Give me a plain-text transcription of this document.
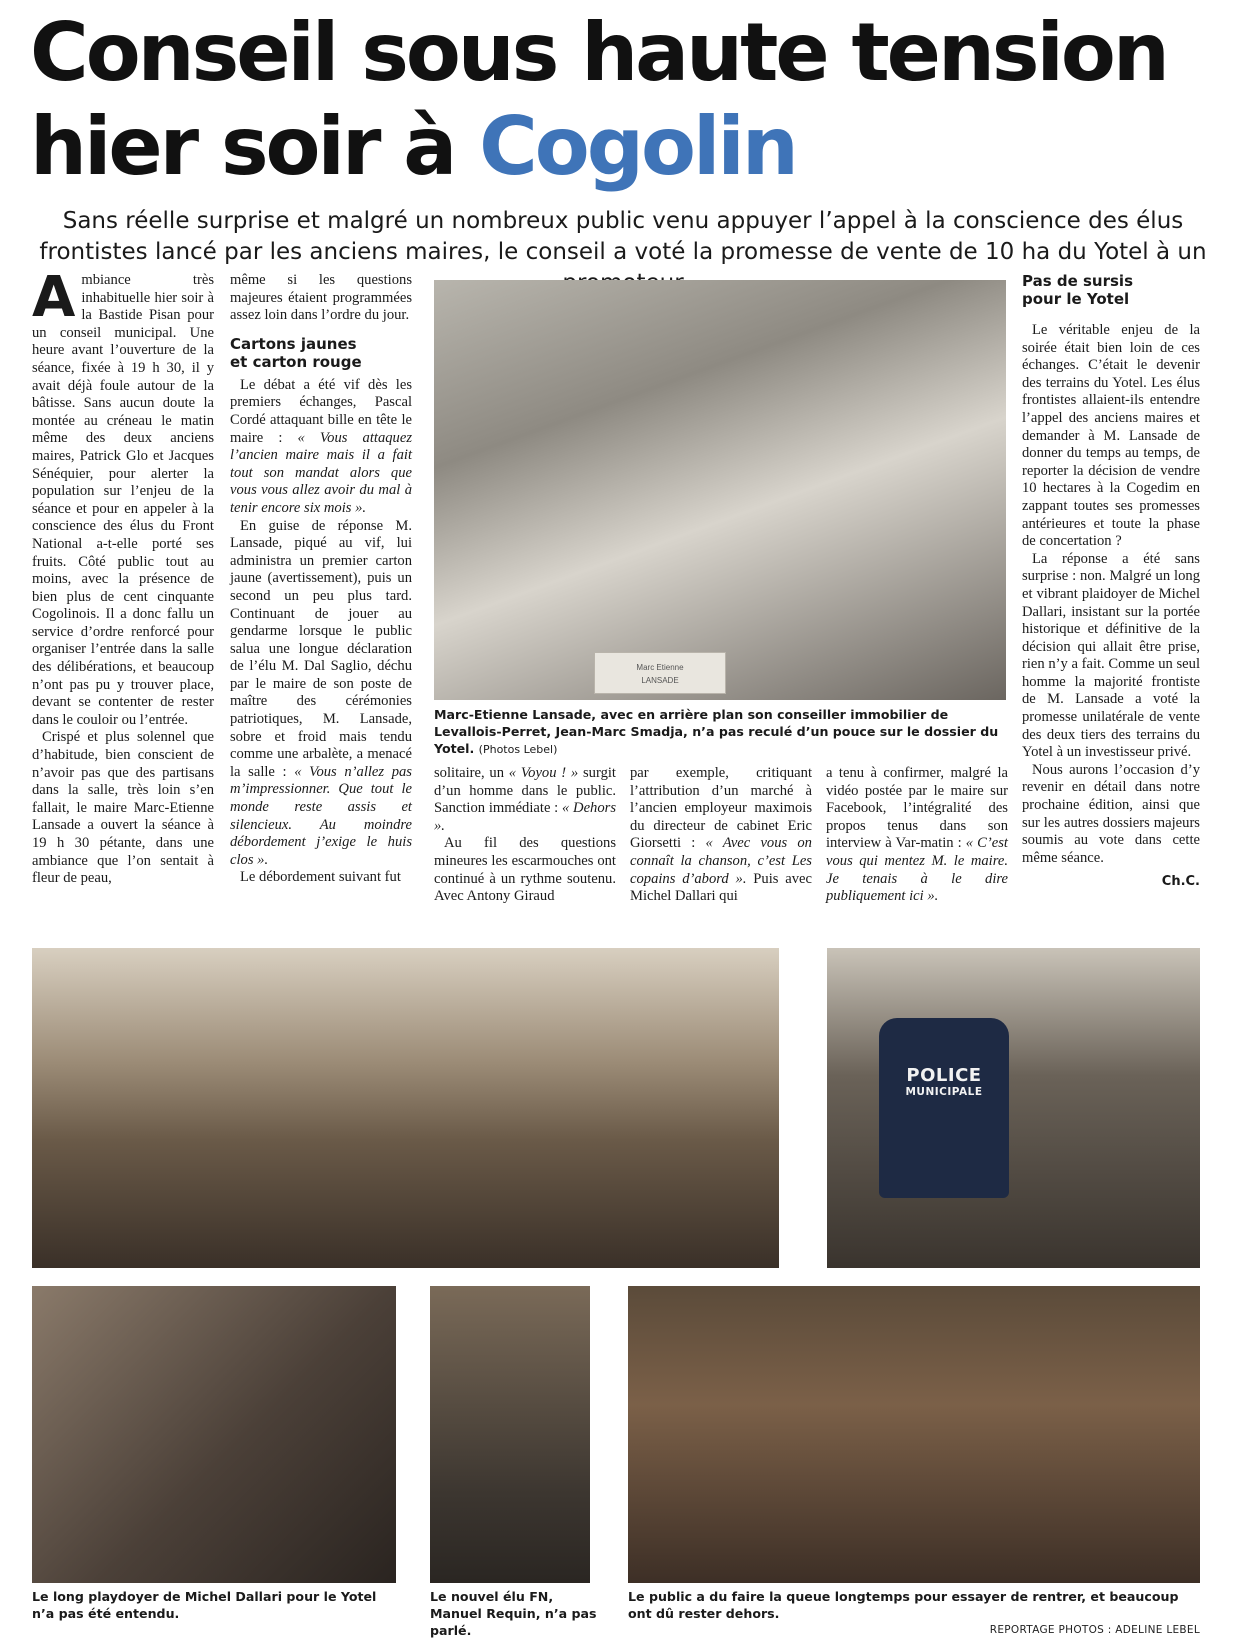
Conseil sous haute tension
hier soir à Cogolin
Sans réelle surprise et malgré un nombreux public venu appuyer l’appel à la conscience des élus frontistes lancé par les anciens maires, le conseil a voté la promesse de vente de 10 ha du Yotel à un

Ambiance très inhabituelle hier soir à la Bastide Pisan pour un conseil municipal. Une heure avant l’ouverture de la séance, fixée à 19 h 30, il y avait déjà foule autour de la bâtisse. Sans aucun doute la montée au créneau le matin même des deux anciens maires, Patrick Glo et Jacques Sénéquier, pour alerter la population sur l’enjeu de la séance et pour en appeler à la conscience des élus du Front National a-t-elle porté ses fruits. Côté public tout au moins, avec la présence de bien plus de cent cinquante Cogolinois. Il a donc fallu un service d’ordre renforcé pour organiser l’entrée dans la salle des délibérations, et beaucoup n’ont pas pu y trouver place, devant se contenter de rester dans le couloir ou l’entrée.

Crispé et plus solennel que d’habitude, bien conscient de n’avoir pas que des partisans dans la salle, très loin s’en fallait, le maire Marc-Etienne Lansade a ouvert la séance à 19 h 30 pétante, dans une ambiance que l’on sentait à fleur de peau,

même si les questions majeures étaient programmées assez loin dans l’ordre du jour.

Cartons jaunes
et carton rouge

Le débat a été vif dès les premiers échanges, Pascal Cordé attaquant bille en tête le maire : « Vous attaquez l’ancien maire mais il a fait tout son mandat alors que vous vous allez avoir du mal à tenir encore six mois ».

En guise de réponse M. Lansade, piqué au vif, lui administra un premier carton jaune (avertissement), puis un second un peu plus tard. Continuant de jouer au gendarme lorsque le public salua une longue déclaration de l’élu M. Dal Saglio, déchu par le maire de son poste de maître des cérémonies patriotiques, M. Lansade, sobre et froid mais tendu comme une arbalète, a menacé la salle : « Vous n’allez pas m’impressionner. Que tout le monde reste assis et silencieux. Au moindre débordement j’exige le huis clos ».

Le débordement suivant fut

Marc Etienne
LANSADE
Marc-Etienne Lansade, avec en arrière plan son conseiller immobilier de Levallois-Perret, Jean-Marc Smadja, n’a pas reculé d’un pouce sur le dossier du Yotel. (Photos Lebel)

solitaire, un « Voyou ! » surgit d’un homme dans le public. Sanction immédiate : « Dehors ».

Au fil des questions mineures les escarmouches ont continué à un rythme soutenu. Avec Antony Giraud

par exemple, critiquant l’attribution d’un marché à l’ancien employeur maximois du directeur de cabinet Eric Giorsetti : « Avec vous on connaît la chanson, c’est Les copains d’abord ». Puis avec Michel Dallari qui

a tenu à confirmer, malgré la vidéo postée par le maire sur Facebook, l’intégralité des propos tenus dans son interview à Var-matin : « C’est vous qui mentez M. le maire. Je tenais à le dire publiquement ici ».

Pas de sursis
pour le Yotel

Le véritable enjeu de la soirée était bien loin de ces échanges. C’était le devenir des terrains du Yotel. Les élus frontistes allaient-ils entendre l’appel des anciens maires et demander à M. Lansade de donner du temps au temps, de reporter la décision de vendre 10 hectares à la Cogedim en zappant toutes ses promesses antérieures et toute la phase de concertation ?

La réponse a été sans surprise : non. Malgré un long et vibrant plaidoyer de Michel Dallari, insistant sur la portée historique et définitive de la décision qui allait être prise, rien n’y a fait. Comme un seul homme la majorité frontiste de M. Lansade a voté la promesse unilatérale de vente des deux tiers des terrains du Yotel à un investisseur privé.

Nous aurons l’occasion d’y revenir en détail dans notre prochaine édition, ainsi que sur les autres dossiers majeurs soumis au vote dans cette même séance.

Ch.C.
POLICE
MUNICIPALE
Le long playdoyer de Michel Dallari pour le Yotel n’a pas été entendu.
Le nouvel élu FN, Manuel Requin, n’a pas parlé.
Le public a du faire la queue longtemps pour essayer de rentrer, et beaucoup ont dû rester dehors.
REPORTAGE PHOTOS : ADELINE LEBEL
